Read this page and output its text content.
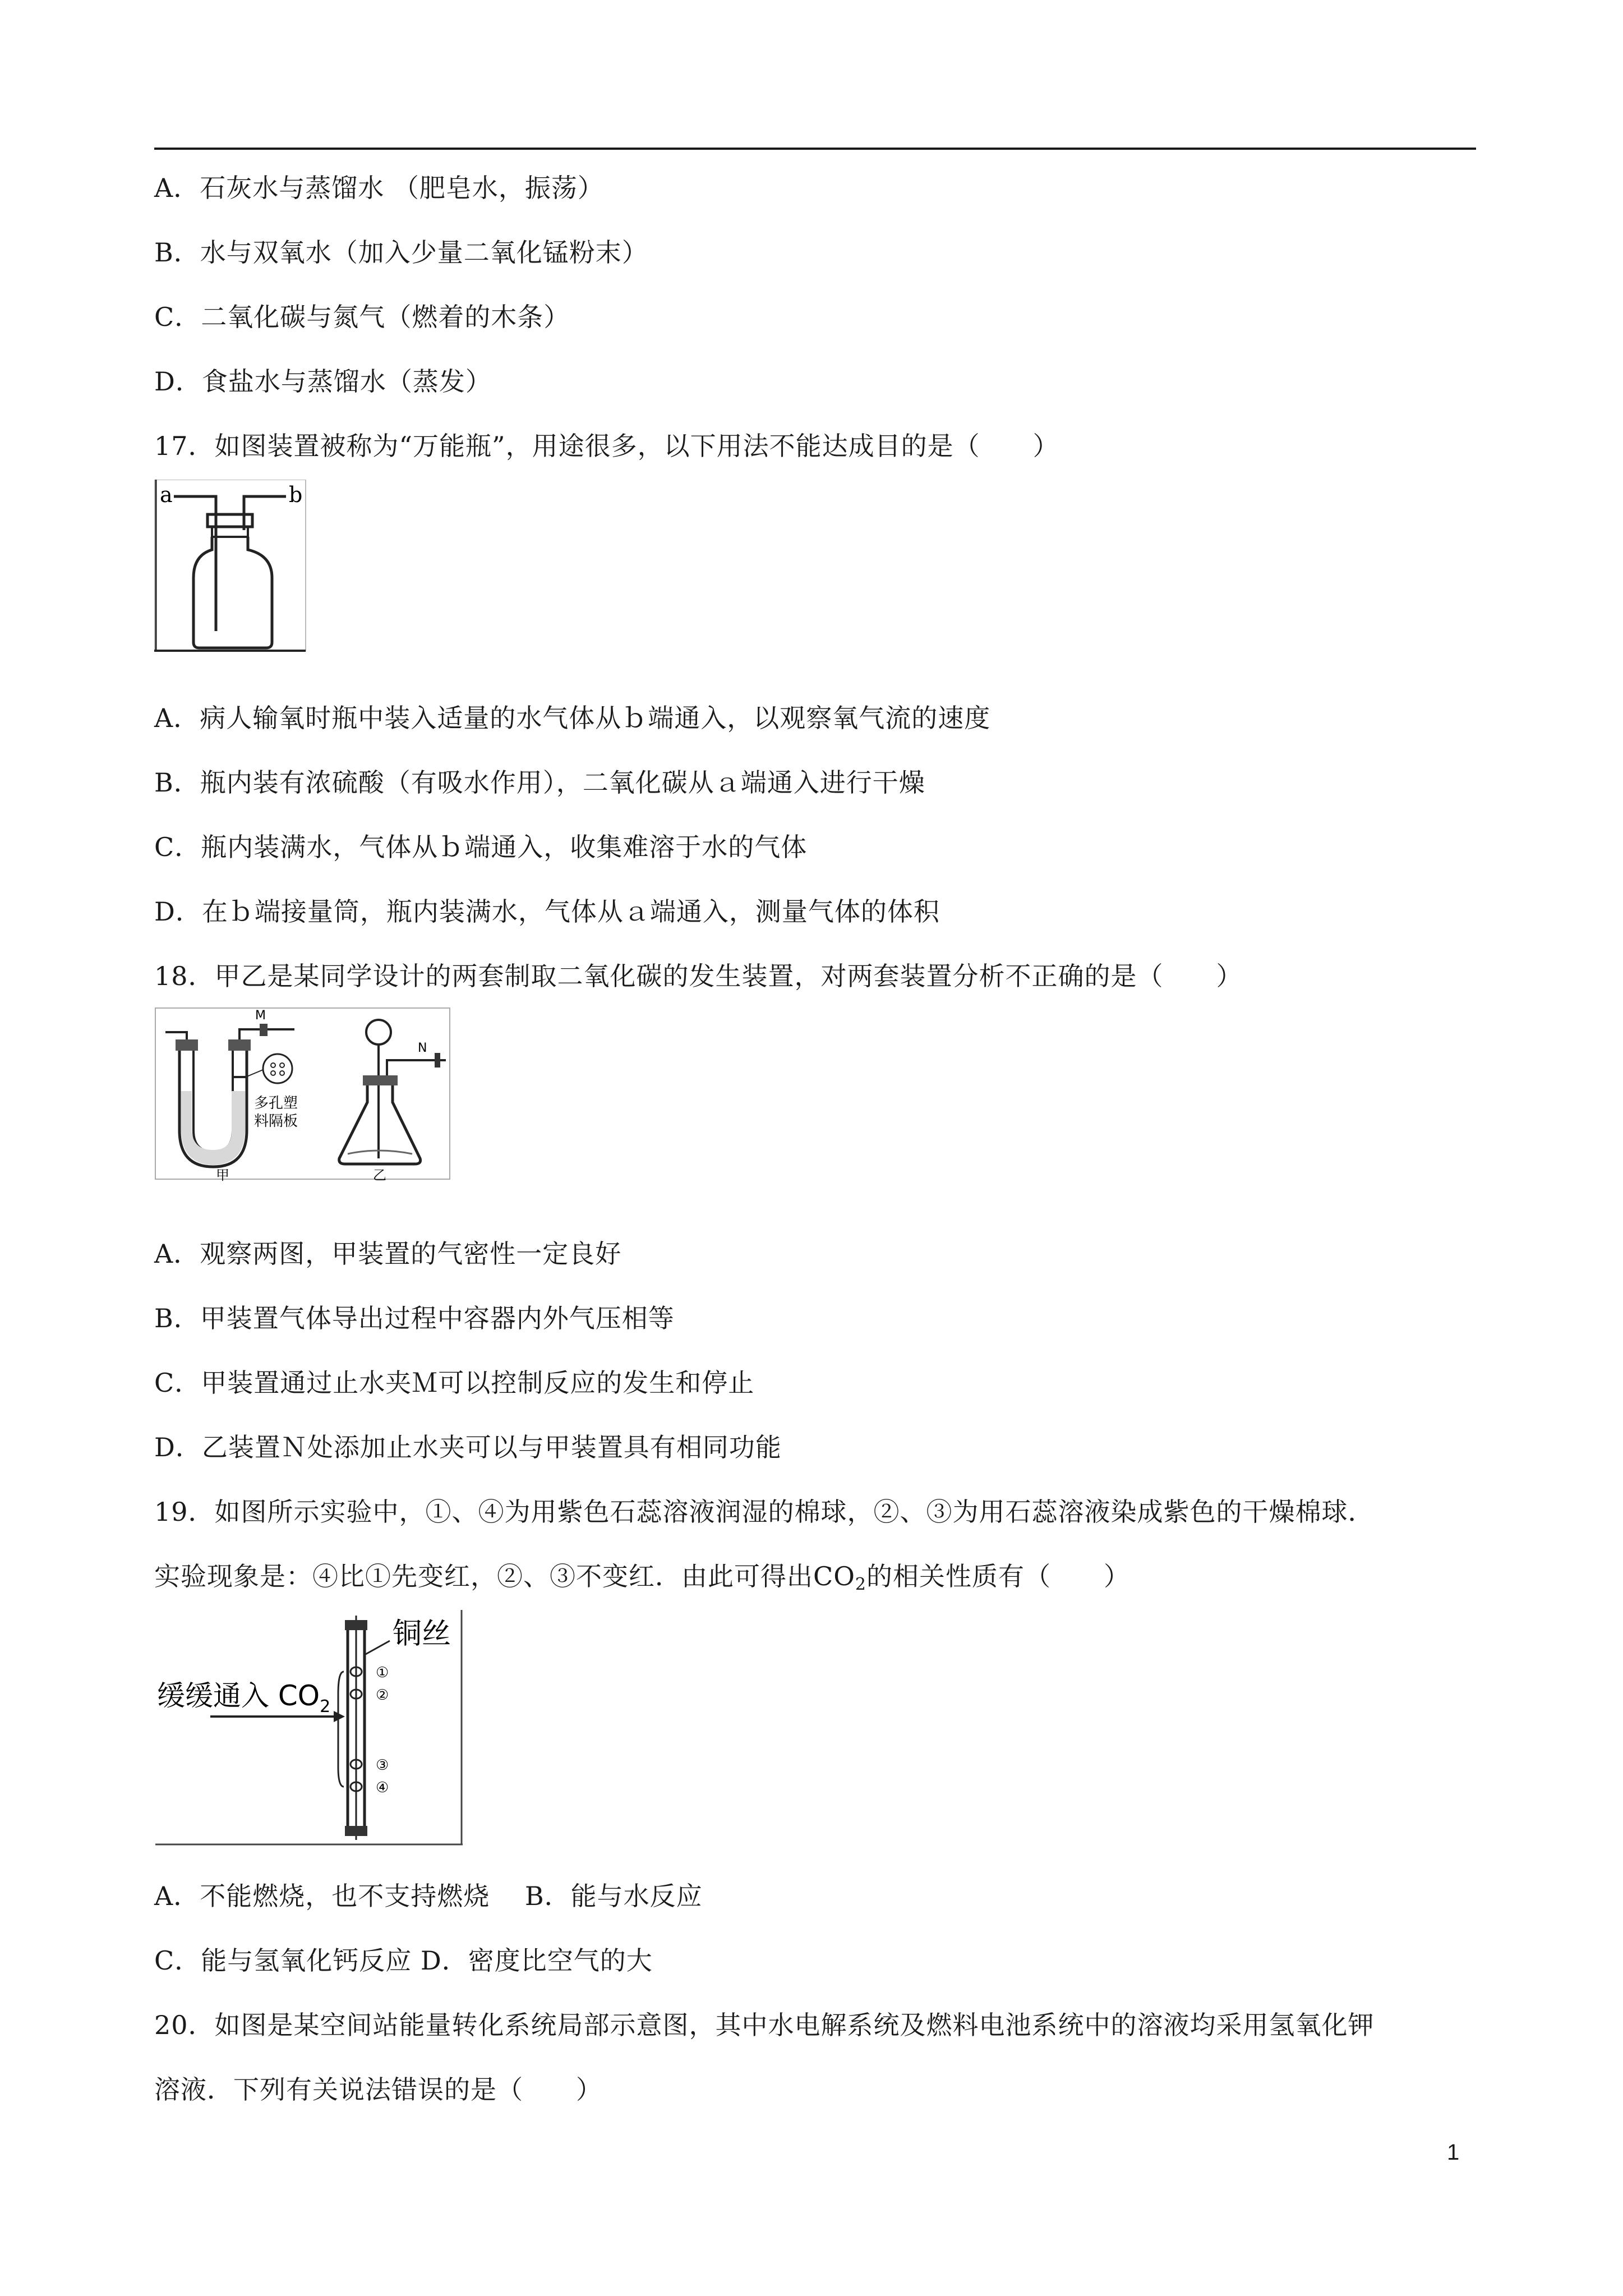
A．石灰水与蒸馏水 （肥皂水，振荡）
B．水与双氧水（加入少量二氧化锰粉末）
C．二氧化碳与氮气（燃着的木条）
D．食盐水与蒸馏水（蒸发）
17．如图装置被称为“万能瓶”，用途很多，以下用法不能达成目的是（　　）
a	b
A．病人输氧时瓶中装入适量的水气体从ｂ端通入，以观察氧气流的速度
B．瓶内装有浓硫酸（有吸水作用），二氧化碳从ａ端通入进行干燥
C．瓶内装满水，气体从ｂ端通入，收集难溶于水的气体
D．在ｂ端接量筒，瓶内装满水，气体从ａ端通入，测量气体的体积
18．甲乙是某同学设计的两套制取二氧化碳的发生装置，对两套装置分析不正确的是（　　）
M
多孔塑
料隔板
甲
N
乙
A．观察两图，甲装置的气密性一定良好
B．甲装置气体导出过程中容器内外气压相等
C．甲装置通过止水夹Ｍ可以控制反应的发生和停止
D．乙装置Ｎ处添加止水夹可以与甲装置具有相同功能
19．如图所示实验中，①、④为用紫色石蕊溶液润湿的棉球，②、③为用石蕊溶液染成紫色的干燥棉球．
实验现象是：④比①先变红，②、③不变红．由此可得出$CO_2$的相关性质有（　　）
①
②
③
④
铜丝
缓缓通入 $CO_2$
A．不能燃烧，也不支持燃烧　 B．能与水反应
C．能与氢氧化钙反应 D．密度比空气的大
20．如图是某空间站能量转化系统局部示意图，其中水电解系统及燃料电池系统中的溶液均采用氢氧化钾
溶液．下列有关说法错误的是（　　）
1
